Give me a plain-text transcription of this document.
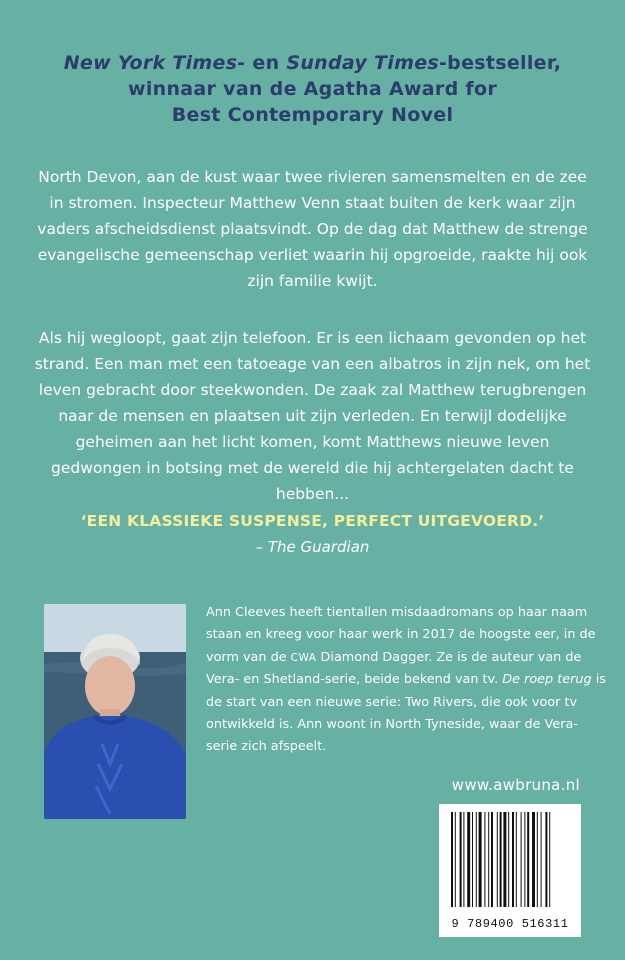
New York Times- en Sunday Times-bestseller,
winnaar van de Agatha Award for
Best Contemporary Novel
North Devon, aan de kust waar twee rivieren samensmelten en de zee in stromen. Inspecteur Matthew Venn staat buiten de kerk waar zijn vaders afscheidsdienst plaatsvindt. Op de dag dat Matthew de strenge evangelische gemeenschap verliet waarin hij opgroeide, raakte hij ook zijn familie kwijt.
Als hij wegloopt, gaat zijn telefoon. Er is een lichaam gevonden op het strand. Een man met een tatoeage van een albatros in zijn nek, om het leven gebracht door steekwonden. De zaak zal Matthew terugbrengen naar de mensen en plaatsen uit zijn verleden. En terwijl dodelijke geheimen aan het licht komen, komt Matthews nieuwe leven gedwongen in botsing met de wereld die hij achtergelaten dacht te hebben...
‘EEN KLASSIEKE SUSPENSE, PERFECT UITGEVOERD.’
– The Guardian
Ann Cleeves heeft tientallen misdaadromans op haar naam staan en kreeg voor haar werk in 2017 de hoogste eer, in de vorm van de CWA Diamond Dagger. Ze is de auteur van de Vera- en Shetland-serie, beide bekend van tv. De roep terug is de start van een nieuwe serie: Two Rivers, die ook voor tv ontwikkeld is. Ann woont in North Tyneside, waar de Vera-serie zich afspeelt.
www.awbruna.nl
9 789400 516311
